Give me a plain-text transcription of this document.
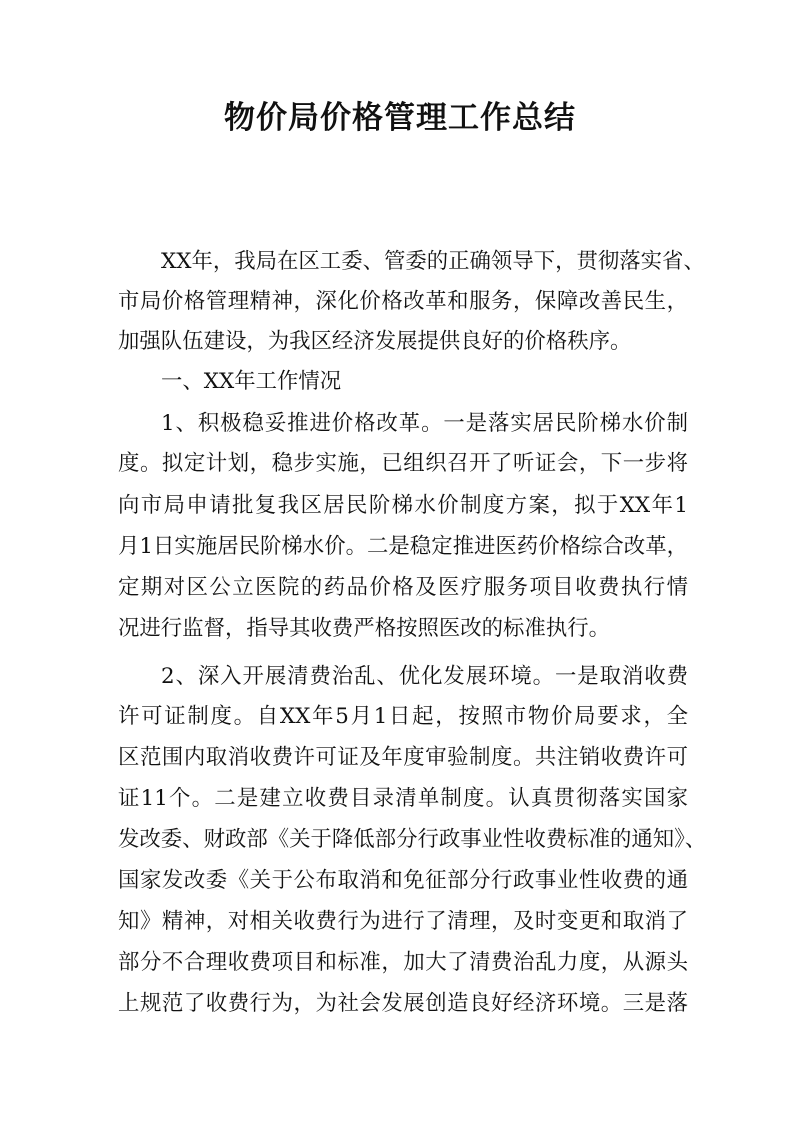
物价局价格管理工作总结

XX年，我局在区工委、管委的正确领导下，贯彻落实省、

市局价格管理精神，深化价格改革和服务，保障改善民生，

加强队伍建设，为我区经济发展提供良好的价格秩序。

一、XX年工作情况

1、积极稳妥推进价格改革。一是落实居民阶梯水价制

度。拟定计划，稳步实施，已组织召开了听证会，下一步将

向市局申请批复我区居民阶梯水价制度方案，拟于XX年1

月1日实施居民阶梯水价。二是稳定推进医药价格综合改革，

定期对区公立医院的药品价格及医疗服务项目收费执行情

况进行监督，指导其收费严格按照医改的标准执行。

2、深入开展清费治乱、优化发展环境。一是取消收费

许可证制度。自XX年5月1日起，按照市物价局要求，全

区范围内取消收费许可证及年度审验制度。共注销收费许可

证11个。二是建立收费目录清单制度。认真贯彻落实国家

发改委、财政部《关于降低部分行政事业性收费标准的通知》、

国家发改委《关于公布取消和免征部分行政事业性收费的通

知》精神，对相关收费行为进行了清理，及时变更和取消了

部分不合理收费项目和标准，加大了清费治乱力度，从源头

上规范了收费行为，为社会发展创造良好经济环境。三是落
